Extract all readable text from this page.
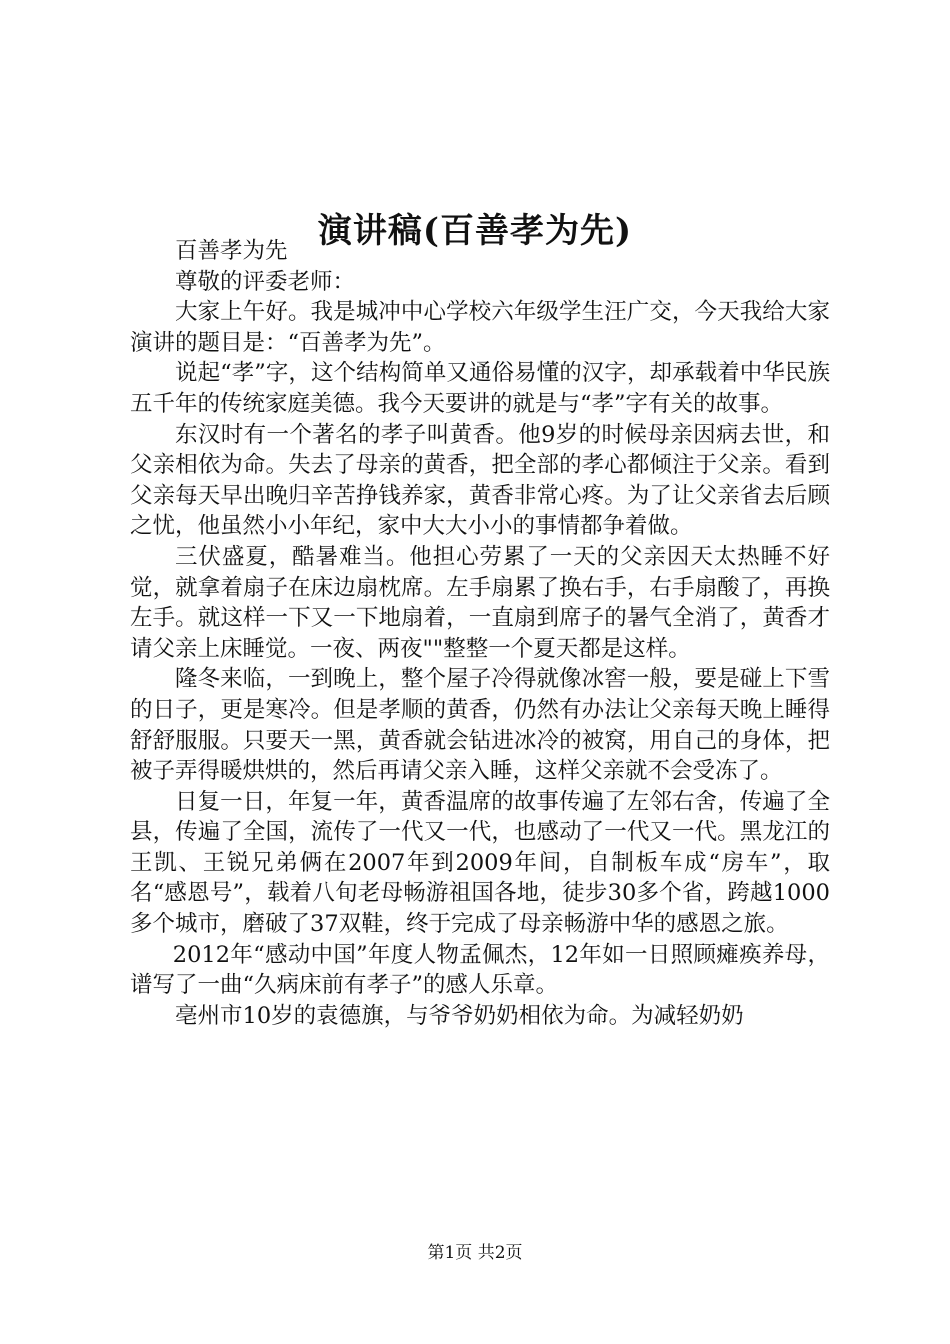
演讲稿(百善孝为先)

百善孝为先

尊敬的评委老师：

大家上午好。我是城冲中心学校六年级学生汪广交，今天我给大家演讲的题目是：“百善孝为先”。

说起“孝”字，这个结构简单又通俗易懂的汉字，却承载着中华民族五千年的传统家庭美德。我今天要讲的就是与“孝”字有关的故事。

东汉时有一个著名的孝子叫黄香。他9岁的时候母亲因病去世，和父亲相依为命。失去了母亲的黄香，把全部的孝心都倾注于父亲。看到父亲每天早出晚归辛苦挣钱养家，黄香非常心疼。为了让父亲省去后顾之忧，他虽然小小年纪，家中大大小小的事情都争着做。

三伏盛夏，酷暑难当。他担心劳累了一天的父亲因天太热睡不好觉，就拿着扇子在床边扇枕席。左手扇累了换右手，右手扇酸了，再换左手。就这样一下又一下地扇着，一直扇到席子的暑气全消了，黄香才请父亲上床睡觉。一夜、两夜""整整一个夏天都是这样。

隆冬来临，一到晚上，整个屋子冷得就像冰窖一般，要是碰上下雪的日子，更是寒冷。但是孝顺的黄香，仍然有办法让父亲每天晚上睡得舒舒服服。只要天一黑，黄香就会钻进冰冷的被窝，用自己的身体，把被子弄得暖烘烘的，然后再请父亲入睡，这样父亲就不会受冻了。

日复一日，年复一年，黄香温席的故事传遍了左邻右舍，传遍了全县，传遍了全国，流传了一代又一代，也感动了一代又一代。黑龙江的王凯、王锐兄弟俩在2007年到2009年间，自制板车成“房车”，取名“感恩号”，载着八旬老母畅游祖国各地，徒步30多个省，跨越1000多个城市，磨破了37双鞋，终于完成了母亲畅游中华的感恩之旅。

2012年“感动中国”年度人物孟佩杰，12年如一日照顾瘫痪养母，谱写了一曲“久病床前有孝子”的感人乐章。

亳州市10岁的袁德旗，与爷爷奶奶相依为命。为减轻奶奶

第1页 共2页
